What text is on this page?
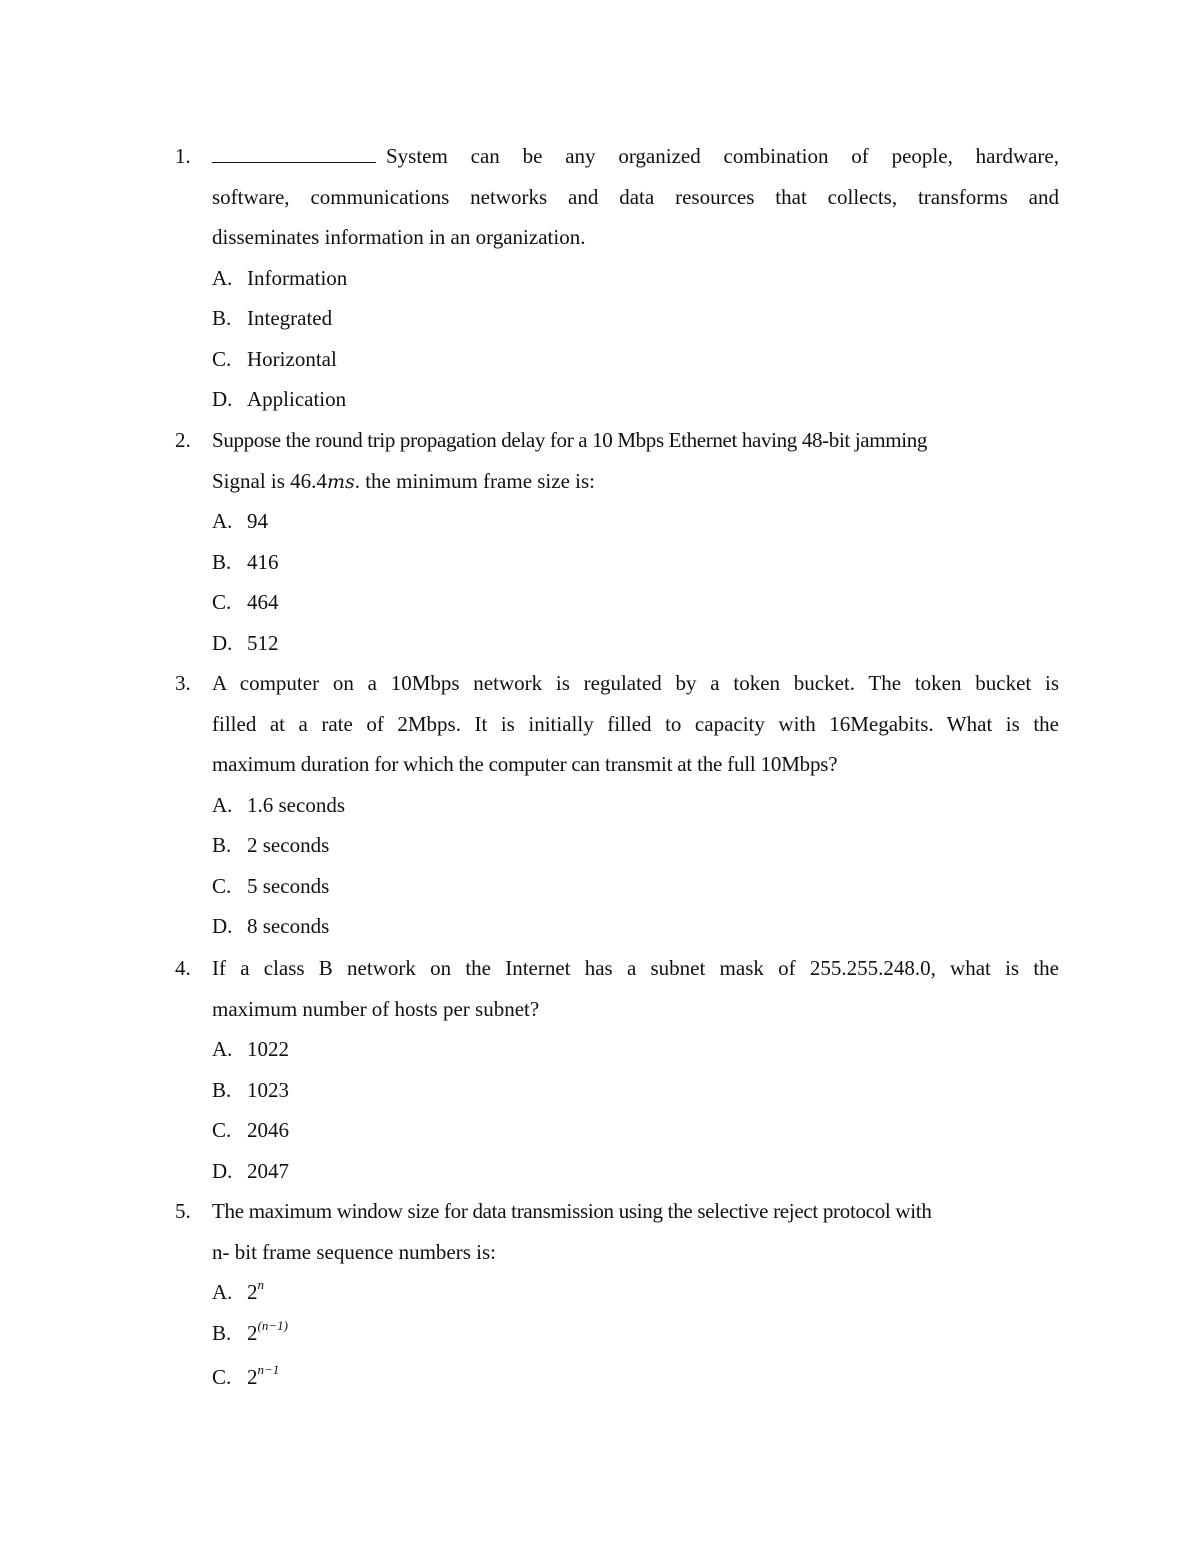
1.	System can be any organized combination of people, hardware,
software, communications networks and data resources that collects, transforms and
disseminates information in an organization.
A. Information
B. Integrated
C. Horizontal
D. Application
2.	Suppose the round trip propagation delay for a 10 Mbps Ethernet having 48-bit jamming
Signal is 46.4ms. the minimum frame size is:
A. 94
B. 416
C. 464
D. 512
3.	A computer on a 10Mbps network is regulated by a token bucket. The token bucket is
filled at a rate of 2Mbps. It is initially filled to capacity with 16Megabits. What is the
maximum duration for which the computer can transmit at the full 10Mbps?
A. 1.6 seconds
B. 2 seconds
C. 5 seconds
D. 8 seconds
4.	If a class B network on the Internet has a subnet mask of 255.255.248.0, what is the
maximum number of hosts per subnet?
A. 1022
B. 1023
C. 2046
D. 2047
5.	The maximum window size for data transmission using the selective reject protocol with
n- bit frame sequence numbers is:
A. 2$^n$
B. $2^{(n-1)}$
C. $2^{n-1}$
